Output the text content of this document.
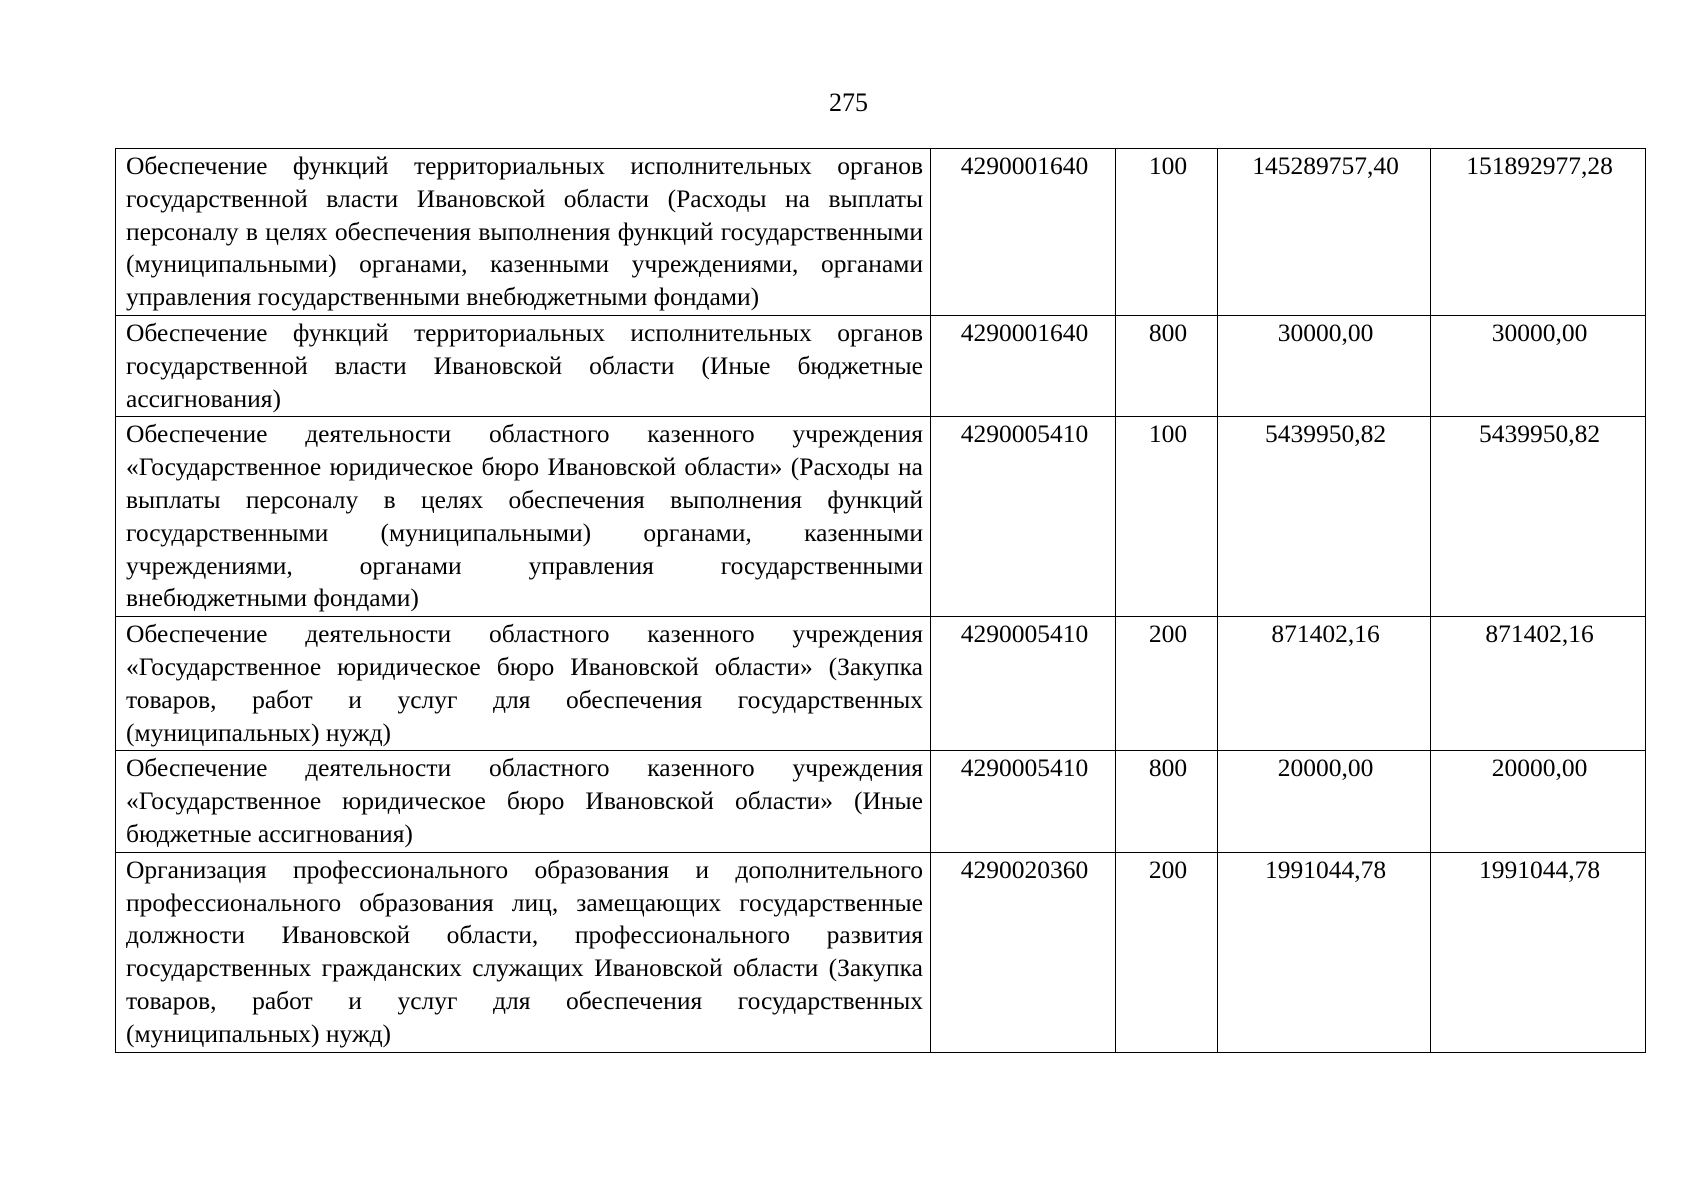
275
Обеспечение функций территориальных исполнительных органов государственной власти Ивановской области (Расходы на выплаты персоналу в целях обеспечения выполнения функций государственными (муниципальными) органами, казенными учреждениями, органами управления государственными внебюджетными фондами)	4290001640	100	145289757,40	151892977,28
Обеспечение функций территориальных исполнительных органов государственной власти Ивановской области (Иные бюджетные ассигнования)	4290001640	800	30000,00	30000,00
Обеспечение деятельности областного казенного учреждения «Государственное юридическое бюро Ивановской области» (Расходы на выплаты персоналу в целях обеспечения выполнения функций государственными (муниципальными) органами, казенными учреждениями, органами управления государственными внебюджетными фондами)	4290005410	100	5439950,82	5439950,82
Обеспечение деятельности областного казенного учреждения «Государственное юридическое бюро Ивановской области» (Закупка товаров, работ и услуг для обеспечения государственных (муниципальных) нужд)	4290005410	200	871402,16	871402,16
Обеспечение деятельности областного казенного учреждения «Государственное юридическое бюро Ивановской области» (Иные бюджетные ассигнования)	4290005410	800	20000,00	20000,00
Организация профессионального образования и дополнительного профессионального образования лиц, замещающих государственные должности Ивановской области, профессионального развития государственных гражданских служащих Ивановской области (Закупка товаров, работ и услуг для обеспечения государственных (муниципальных) нужд)	4290020360	200	1991044,78	1991044,78
